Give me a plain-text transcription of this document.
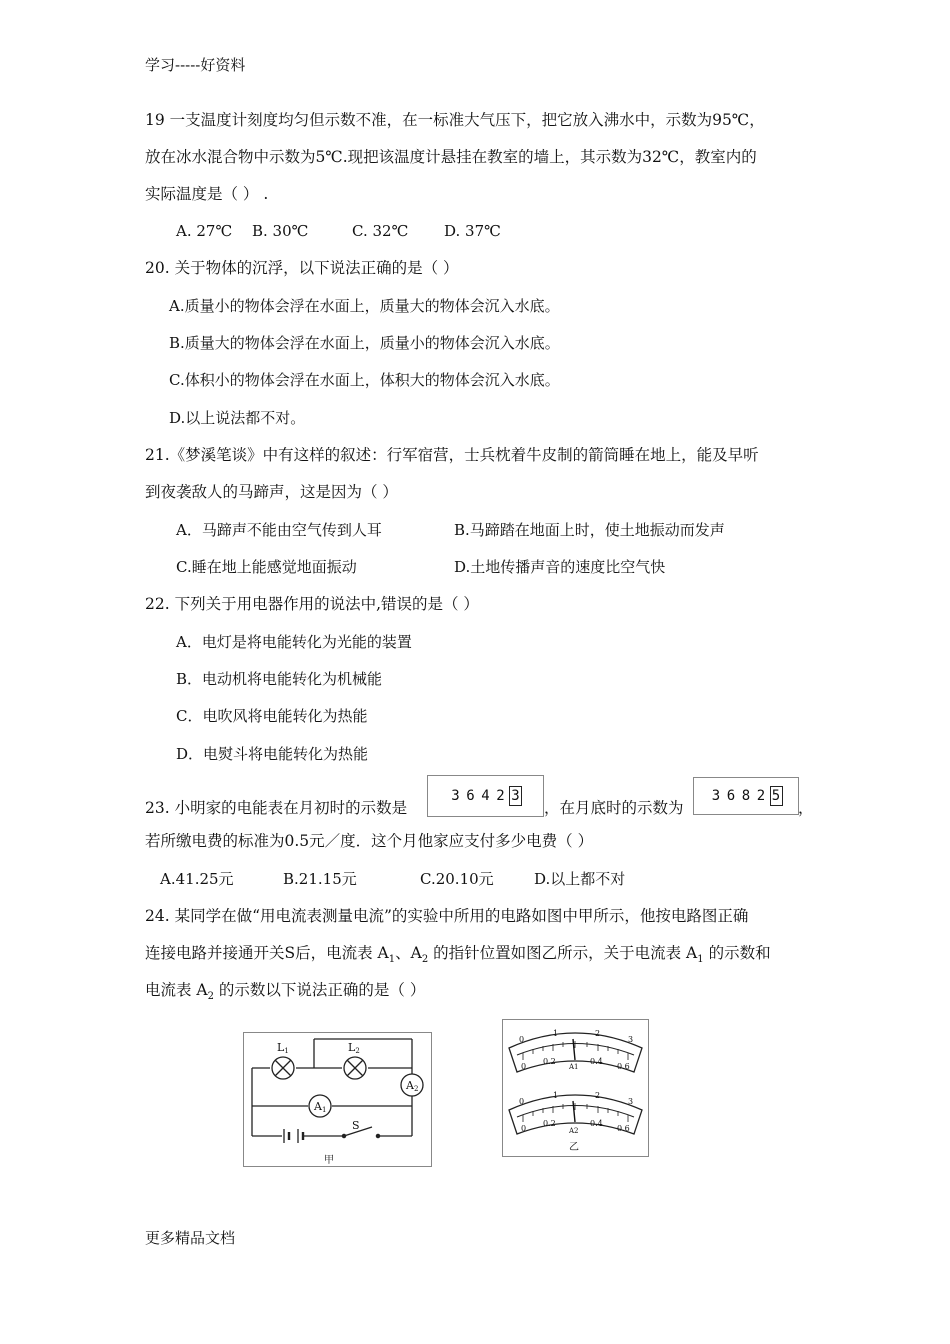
学习-----好资料
19 一支温度计刻度均匀但示数不准，在一标准大气压下，把它放入沸水中，示数为95℃，
放在冰水混合物中示数为5℃.现把该温度计悬挂在教室的墙上，其示数为32℃，教室内的
实际温度是（ ） .
A. 27℃ B. 30℃	C. 32℃ D. 37℃
20. 关于物体的沉浮，以下说法正确的是（ ）
A.质量小的物体会浮在水面上，质量大的物体会沉入水底。
B.质量大的物体会浮在水面上，质量小的物体会沉入水底。
C.体积小的物体会浮在水面上，体积大的物体会沉入水底。
D.以上说法都不对。
21.《梦溪笔谈》中有这样的叙述：行军宿营，士兵枕着牛皮制的箭筒睡在地上，能及早听
到夜袭敌人的马蹄声，这是因为（ ）
A．马蹄声不能由空气传到人耳	B.马蹄踏在地面上时，使土地振动而发声
C.睡在地上能感觉地面振动	D.土地传播声音的速度比空气快
22. 下列关于用电器作用的说法中,错误的是（ ）
A．电灯是将电能转化为光能的装置
B．电动机将电能转化为机械能
C．电吹风将电能转化为热能
D．电熨斗将电能转化为热能
23. 小明家的电能表在月初时的示数是
3 6 4 2 3
，在月底时的示数为
3 6 8 2 5
，
若所缴电费的标准为0.5元／度．这个月他家应支付多少电费（ ）
A.41.25元	B.21.15元	C.20.10元	D.以上都不对
24. 某同学在做“用电流表测量电流”的实验中所用的电路如图中甲所示，他按电路图正确
连接电路并接通开关S后，电流表 $A_1$、$A_2$ 的指针位置如图乙所示，关于电流表 $A_1$ 的示数和
电流表 $A_2$ 的示数以下说法正确的是（ ）
L1	L2
A1
A2
S
甲
0
1	2
3
0
0.2	0.4
0.6
A1
0
1	2
3
0
0.2	0.4
0.6
A2
乙
更多精品文档
